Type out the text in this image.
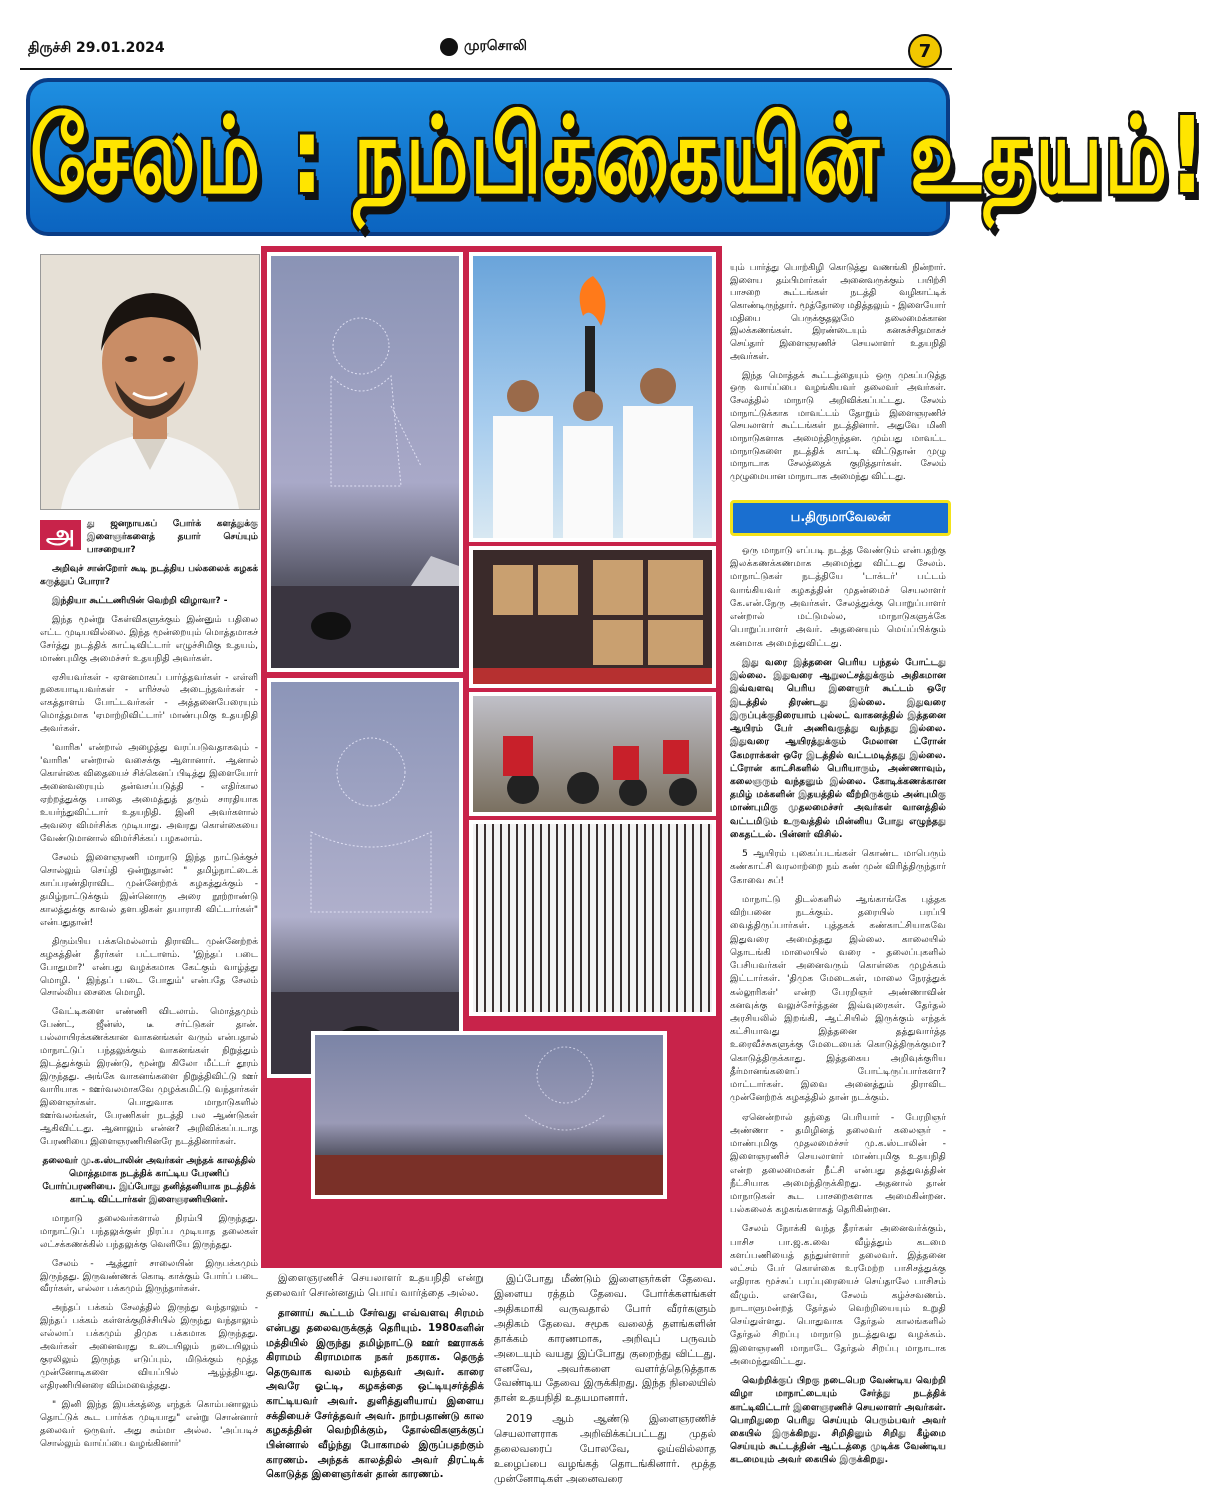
திருச்சி 29.01.2024	முரசொலி	7
சேலம் : நம்பிக்கையின் உதயம்!
ப.திருமாவேலன்

அ	து ஜனநாயகப் போர்க் களத்துக்கு இளைஞர்களைத் தயார் செய்யும் பாசறையா?

அறிவுச் சான்றோர் கூடி நடத்திய பல்கலைக் கழகக் கருத்துப் போரா?

இந்தியா கூட்டணியின் வெற்றி விழாவா? -

இந்த மூன்று கேள்விகளுக்கும் இன்னும் பதிலை எட்ட முடியவில்லை. இந்த மூன்றையும் மொத்தமாகச் சேர்த்து நடத்திக் காட்டிவிட்டார் எழுச்சிமிகு உதயம், மாண்புமிகு அமைச்சர் உதயநிதி அவர்கள்.

ஏசியவர்கள் - ஏளனமாகப் பார்த்தவர்கள் - எள்ளி நகையாடியவர்கள் - எரிச்சல் அடைந்தவர்கள் - எகத்தாளம் போட்டவர்கள் - அத்தனைபேரையும் மொத்தமாக 'ஏமாற்றிவிட்டார்' மாண்புமிகு உதயநிதி அவர்கள்.

'வாரிசு' என்றால் அழைத்து வரப்படுவதாகவும் - 'வாரிசு' என்றால் வசைக்கு ஆளானார். ஆனால் கொள்கை விதையைச் சிக்கெனப் பிடித்து இளையோர் அனைவரையும் தன்வசப்படுத்தி - எதிர்கால ஏற்றத்துக்கு பாதை அமைத்துத் தரும் சாரதியாக உயர்ந்துவிட்டார் உதயநிதி. இனி அவர்களால் அவரை விமர்சிக்க முடியாது. அவரது கொள்கையை வேண்டுமானால் விமர்சிக்கப் பழகலாம்.

சேலம் இளைஞரணி மாநாடு இந்த நாட்டுக்குச் சொல்லும் செய்தி ஒன்றுதான்: " தமிழ்நாட்டைக் காப்பரண்திராவிட முன்னேற்றக் கழகத்துக்கும் - தமிழ்நாட்டுக்கும் இன்னொரு அரை நூற்றாண்டு காலத்துக்கு காவல் தளபதிகள் தயாராகி விட்டார்கள்" என்பதுதான்!

திரும்பிய பக்கமெல்லாம் திராவிட முன்னேற்றக் கழகத்தின் தீரர்கள் பட்டாளம். 'இந்தப் படை போதுமா?' என்பது வழக்கமாக கேட்கும் வாழ்த்து மொழி. ' இந்தப் படை போதும்' என்பதே சேலம் சொல்லிய சைகை மொழி.

வேட்டிகளை எண்ணி விடலாம். மொத்தமும் பேண்ட், ஜீன்ஸ், டீ சர்ட்டுகள் தான். பல்லாயிரக்கணக்கான வாகனங்கள் வரும் என்பதால் மாநாட்டுப் பந்தலுக்கும் வாகனங்கள் நிறுத்தும் இடத்துக்கும் இரண்டு, மூன்று கிலோ மீட்டர் தூரம் இருந்தது. அங்கே வாகனங்களை நிறுத்திவிட்டு ஊர் வாரியாக - ஊர்வலமாகவே முழக்கமிட்டு வந்தார்கள் இளைஞர்கள். பொதுவாக மாநாடுகளில் ஊர்வலங்கள், பேரணிகள் நடத்தி பல ஆண்டுகள் ஆகிவிட்டது. ஆனாலும் என்ன? அறிவிக்கப்படாத பேரணியை இளைஞரணியினரே நடத்தினார்கள்.

தலைவர் மு.க.ஸ்டாலின் அவர்கள் அந்தக் காலத்தில் மொத்தமாக நடத்திக் காட்டிய பேரணிப் போர்ப்பரணியை. இப்போது தனித்தனியாக நடத்திக் காட்டி விட்டார்கள் இளைஞரணியினர்.

மாநாடு தலைவர்களால் நிரம்பி இருந்தது. மாநாட்டுப் பந்தலுக்குள் நிரப்ப முடியாத தலைகள் லட்சக்கணக்கில் பந்தலுக்கு வெளியே இருந்தது.

சேலம் - ஆத்தூர் சாலையின் இருபக்கமும் இருந்தது. இருவண்ணக் கொடி காக்கும் போர்ப் படை வீரர்கள், எல்லா பக்கமும் இருந்தார்கள்.

அந்தப் பக்கம் சேலத்தில் இருந்து வந்தாலும் - இந்தப் பக்கம் கள்ளக்குறிச்சியில் இருந்து வந்தாலும் எல்லாப் பக்கமும் திமுக பக்கமாக இருந்தது. அவர்கள் அனைவரது உடையிலும் நடையிலும் குரலிலும் இருந்த எடுப்பும், மிடுக்கும் மூத்த முன்னோடிகளை வியப்பில் ஆழ்த்தியது. எதிரணியினரை விம்மவைத்தது.

" இனி இந்த இயக்கத்தை எந்தக் கொம்பனாலும் தொட்டுக் கூட பார்க்க முடியாது" என்று சொன்னார் தலைவர் ஒருவர். அது சும்மா அல்ல. 'அப்படிச் சொல்லும் வாய்ப்பை வழங்கினார்'

இளைஞரணிச் செயலாளர் உதயநிதி என்று தலைவர் சொன்னதும் பொய் வார்த்தை அல்ல.

தானாய் கூட்டம் சேர்வது எவ்வளவு சிரமம் என்பது தலைவருக்குத் தெரியும். 1980களின் மத்தியில் இருந்து தமிழ்நாட்டு ஊர் ஊராகக் கிராமம் கிராமமாக நகர் நகராக. தெருத் தெருவாக வலம் வந்தவர் அவர். காரை அவரே ஓட்டி, கழகத்தை ஒட்டியுசர்த்திக் காட்டியவர் அவர். துளித்துளியாய் இளைய சக்தியைச் சேர்த்தவர் அவர். நாற்பதாண்டு கால கழகத்தின் வெற்றிக்கும், தோல்விகளுக்குப் பின்னால் வீழ்ந்து போகாமல் இருப்பதற்கும் காரணம். அந்தக் காலத்தில் அவர் திரட்டிக் கொடுத்த இளைஞர்கள் தான் காரணம்.

இப்போது மீண்டும் இளைஞர்கள் தேவை. இளைய ரத்தம் தேவை. போர்க்களங்கள் அதிகமாகி வருவதால் போர் வீரர்களும் அதிகம் தேவை. சமூக வலைத் தளங்களின் தாக்கம் காரணமாக, அறிவுப் பருவம் அடையும் வயது இப்போது குறைந்து விட்டது. எனவே, அவர்களை வளர்த்தெடுத்தாக வேண்டிய தேவை இருக்கிறது. இந்த நிலையில் தான் உதயநிதி உதயமானார்.

2019 ஆம் ஆண்டு இளைஞரணிச் செயலாளராக அறிவிக்கப்பட்டது முதல் தலைவரைப் போலவே, ஓய்வில்லாத உழைப்பை வழங்கத் தொடங்கினார். மூத்த முன்னோடிகள் அனைவரை

யும் பார்த்து பொற்கிழி கொடுத்து வணங்கி நின்றார். இளைய தம்பிமார்கள் அனைவருக்கும் பயிற்சி பாசறை கூட்டங்கள் நடத்தி வழிகாட்டிக் கொண்டிருந்தார். மூத்தோரை மதித்தலும் - இளையோர் மதியை பெருக்குதலுமே தலைமைக்கான இலக்கணங்கள். இரண்டையும் கனகச்சிதமாகச் செய்தார் இளைஞரணிச் செயலாளர் உதயநிதி அவர்கள்.

இந்த மொத்தக் கூட்டத்தையும் ஒரு முகப்படுத்த ஒரு வாய்ப்பை வழங்கியவர் தலைவர் அவர்கள். சேலத்தில் மாநாடு அறிவிக்கப்பட்டது. சேலம் மாநாட்டுக்காக மாவட்டம் தோறும் இளைஞரணிச் செயலாளர் கூட்டங்கள் நடத்தினார். அதுவே மினி மாநாடுகளாக அமைந்திருந்தன. மும்பது மாவட்ட மாநாடுகளை நடத்திக் காட்டி விட்டுதான் முழு மாநாடாக சேலத்தைக் குறித்தார்கள். சேலம் முழுமையான மாநாடாக அமைந்து விட்டது.

ஒரு மாநாடு எப்படி நடத்த வேண்டும் என்பதற்கு இலக்கணக்கணமாக அமைந்து விட்டது சேலம். மாநாட்டுகள் நடத்தியே 'டாக்டர்' பட்டம் வாங்கியவர் கழகத்தின் முதன்மைச் செயலாளர் கே.என்.நேரு அவர்கள். சேலத்துக்கு பொறுப்பாளர் என்றால் மட்டுமல்ல, மாநாடுகளுக்கே பொறுப்பாளர் அவர். அதனையும் மெய்ப்பிக்கும் கனமாக அமைந்துவிட்டது.

இது வரை இத்தனை பெரிய பந்தல் போட்டது இல்லை. இதுவரை ஆறுலட்சத்துக்கும் அதிகமான இவ்வளவு பெரிய இளைஞர் கூட்டம் ஒரே இடத்தில் திரண்டது இல்லை. இதுவரை இருப்புக்குதிரையாம் புல்லட் வாகனத்தில் இத்தனை ஆயிரம் பேர் அணிவகுத்து வந்தது இல்லை. இதுவரை ஆயிரத்துக்கும் மேலான ட்ரோன் கேமராக்கள் ஒரே இடத்தில் வட்டமடித்தது இல்லை. ட்ரோன் காட்சிகளில் பெரியாரும், அண்ணாவும், கலைஞரும் வந்தனும் இல்லை. கோடிக்கணக்கான தமிழ் மக்களின் இதயத்தில் வீற்றிருக்கும் அன்புமிகு மாண்புமிகு முதலமைச்சர் அவர்கள் வானத்தில் வட்டமிடும் உருவத்தில் மின்னிய போது எழுந்தது கைதட்டல். பின்னர் விசில்.

5 ஆயிரம் புகைப்படங்கள் கொண்ட மாபெரும் கண்காட்சி வரலாற்றை நம் கண் முன் விரித்திருந்தார் கோவை சுப்!

மாநாட்டு திடல்களில் ஆங்காங்கே புத்தக விற்பனை நடக்கும். தரையில் பரப்பி வைத்திருப்பார்கள். புத்தகக் கண்காட்சியாகவே இதுவரை அமைத்தது இல்லை. காலையில் தொடங்கி மாலையில் வரை - தலைப்புகளில் பேசியவர்கள் அனைவரும் கொள்கை முழக்கம் இட்டார்கள். 'திமுக மேடைகள், மாலை நேரத்துக் கல்லூரிகள்' என்ற பேரறிஞர் அண்ணாவின் கனவுக்கு வலுச்சேர்த்தன இவ்வுரைகள். தேர்தல் அரசியலில் இறங்கி, ஆட்சியில் இருக்கும் எந்தக் கட்சியாவது இத்தனை தத்துவார்த்த உரைவீச்சுகளுக்கு மேடையைக் கொடுத்திருக்குமா? கொடுத்திருக்காது. இத்தகைய அறிவுக்குரிய தீர்மானங்களைப் போட்டிருப்பார்களா? மாட்டார்கள். இவை அனைத்தும் திராவிட முன்னேற்றக் கழகத்தில் தான் நடக்கும்.

ஏனென்றால் தந்தை பெரியார் - பேரறிஞர் அண்ணா - தமிழினத் தலைவர் கலைஞர் - மாண்புமிகு முதலமைச்சர் மு.க.ஸ்டாலின் - இளைஞரணிச் செயலாளர் மாண்புமிகு உதயநிதி என்ற தலைமைகள் நீட்சி என்பது தத்துவத்தின் நீட்சியாக அமைந்திருக்கிறது. அதனால் தான் மாநாடுகள் கூட பாசறைகளாக அமைகின்றன. பல்கலைக் கழகங்களாகத் தெரிகின்றன.

சேலம் நோக்கி வந்த தீரர்கள் அனைவர்க்கும், பாசிச பா.ஜ.க.வை வீழ்த்தும் கடமை களப்பணியைத் தந்துள்ளார் தலைவர். இத்தனை லட்சம் பேர் கொள்கை உரமேற்ற பாசிசத்துக்கு எதிராக மூச்சுப் பரப்புரையைச் செய்தாலே பாசிசம் வீழும். எனவே, சேலம் கழ்ச்சவணம். நாடாளுமன்றத் தேர்தல் வெற்றியையும் உறுதி செய்துள்ளது. பொதுவாக தேர்தல் காலங்களில் தேர்தல் சிறப்பு மாநாடு நடத்துவது வழக்கம். இளைஞரணி மாநாடே தேர்தல் சிறப்பு மாநாடாக அமைந்துவிட்டது.

வெற்றிக்குப் பிறகு நடைபெற வேண்டிய வெற்றி விழா மாநாட்டையும் சேர்த்து நடத்திக் காட்டிவிட்டார் இளைஞரணிச் செயலாளர் அவர்கள். பொறிதுறை பெரிது செய்யும் பெரும்பவர் அவர் கையில் இருக்கிறது. சிறிதினும் சிறிது கீழ்மை செய்யும் கூட்டத்தின் ஆட்டத்தை முடிக்க வேண்டிய கடமையும் அவர் கையில் இருக்கிறது.
